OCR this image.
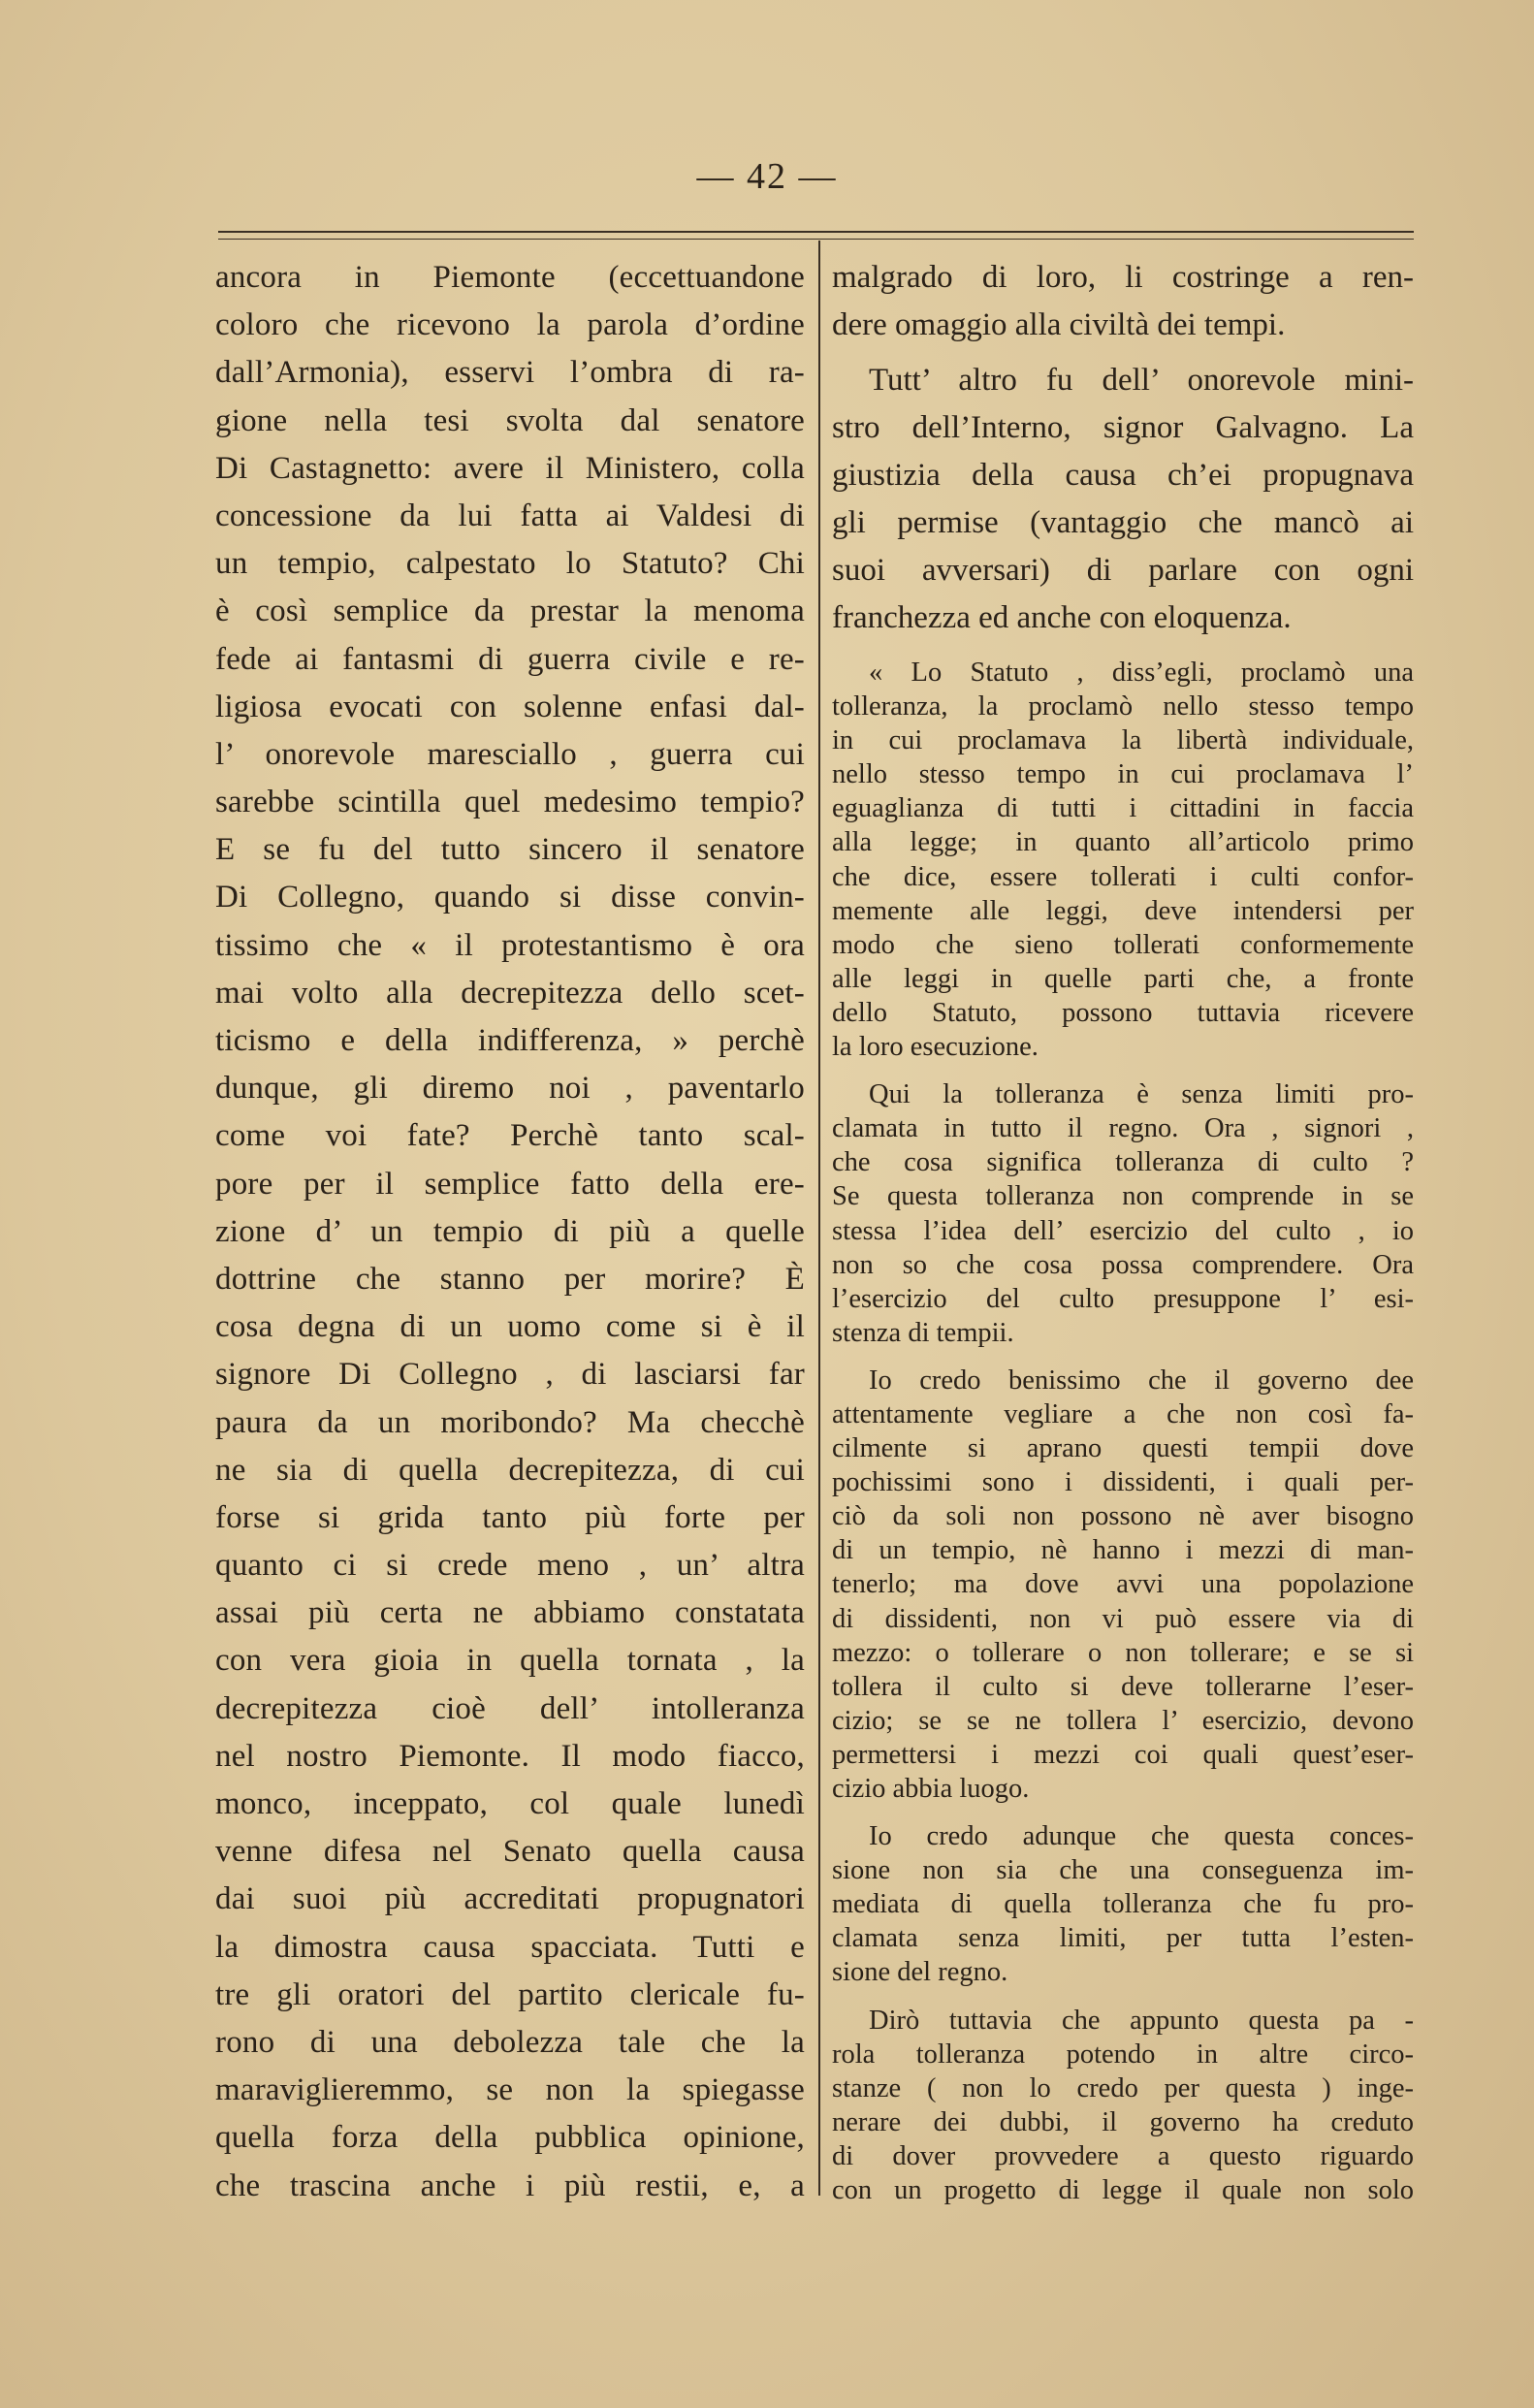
— 42 —
ancora in Piemonte (eccettuandone
coloro che ricevono la parola d’ordine
dall’Armonia), esservi l’ombra di ra-
gione nella tesi svolta dal senatore
Di Castagnetto: avere il Ministero, colla
concessione da lui fatta ai Valdesi di
un tempio, calpestato lo Statuto? Chi
è così semplice da prestar la menoma
fede ai fantasmi di guerra civile e re-
ligiosa evocati con solenne enfasi dal-
l’ onorevole maresciallo , guerra cui
sarebbe scintilla quel medesimo tempio?
E se fu del tutto sincero il senatore
Di Collegno, quando si disse convin-
tissimo che « il protestantismo è ora
mai volto alla decrepitezza dello scet-
ticismo e della indifferenza, » perchè
dunque, gli diremo noi , paventarlo
come voi fate? Perchè tanto scal-
pore per il semplice fatto della ere-
zione d’ un tempio di più a quelle
dottrine che stanno per morire? È
cosa degna di un uomo come si è il
signore Di Collegno , di lasciarsi far
paura da un moribondo? Ma checchè
ne sia di quella decrepitezza, di cui
forse si grida tanto più forte per
quanto ci si crede meno , un’ altra
assai più certa ne abbiamo constatata
con vera gioia in quella tornata , la
decrepitezza cioè dell’ intolleranza
nel nostro Piemonte. Il modo fiacco,
monco, inceppato, col quale lunedì
venne difesa nel Senato quella causa
dai suoi più accreditati propugnatori
la dimostra causa spacciata. Tutti e
tre gli oratori del partito clericale fu-
rono di una debolezza tale che la
maraviglieremmo, se non la spiegasse
quella forza della pubblica opinione,
che trascina anche i più restii, e, a
malgrado di loro, li costringe a ren-
dere omaggio alla civiltà dei tempi.
Tutt’ altro fu dell’ onorevole mini-
stro dell’Interno, signor Galvagno. La
giustizia della causa ch’ei propugnava
gli permise (vantaggio che mancò ai
suoi avversari) di parlare con ogni
franchezza ed anche con eloquenza.
« Lo Statuto , diss’egli, proclamò una
tolleranza, la proclamò nello stesso tempo
in cui proclamava la libertà individuale,
nello stesso tempo in cui proclamava l’
eguaglianza di tutti i cittadini in faccia
alla legge; in quanto all’articolo primo
che dice, essere tollerati i culti confor-
memente alle leggi, deve intendersi per
modo che sieno tollerati conformemente
alle leggi in quelle parti che, a fronte
dello Statuto, possono tuttavia ricevere
la loro esecuzione.
Qui la tolleranza è senza limiti pro-
clamata in tutto il regno. Ora , signori ,
che cosa significa tolleranza di culto ?
Se questa tolleranza non comprende in se
stessa l’idea dell’ esercizio del culto , io
non so che cosa possa comprendere. Ora
l’esercizio del culto presuppone l’ esi-
stenza di tempii.
Io credo benissimo che il governo dee
attentamente vegliare a che non così fa-
cilmente si aprano questi tempii dove
pochissimi sono i dissidenti, i quali per-
ciò da soli non possono nè aver bisogno
di un tempio, nè hanno i mezzi di man-
tenerlo; ma dove avvi una popolazione
di dissidenti, non vi può essere via di
mezzo: o tollerare o non tollerare; e se si
tollera il culto si deve tollerarne l’eser-
cizio; se se ne tollera l’ esercizio, devono
permettersi i mezzi coi quali quest’eser-
cizio abbia luogo.
Io credo adunque che questa conces-
sione non sia che una conseguenza im-
mediata di quella tolleranza che fu pro-
clamata senza limiti, per tutta l’esten-
sione del regno.
Dirò tuttavia che appunto questa pa -
rola tolleranza potendo in altre circo-
stanze ( non lo credo per questa ) inge-
nerare dei dubbi, il governo ha creduto
di dover provvedere a questo riguardo
con un progetto di legge il quale non solo
